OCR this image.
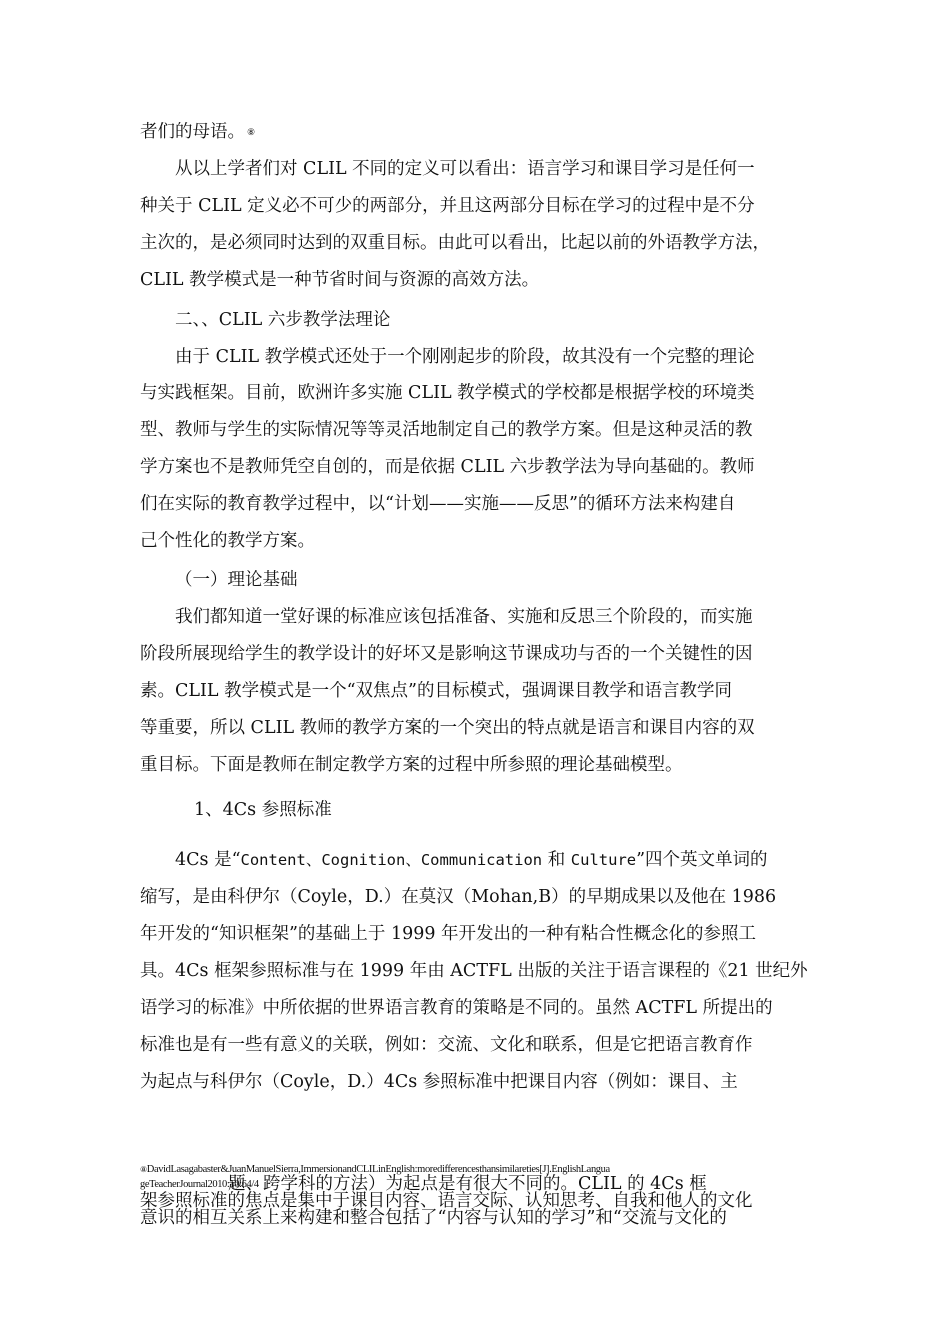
者们的母语。 ⑧
从以上学者们对 CLIL 不同的定义可以看出：语言学习和课目学习是任何一
种关于 CLIL 定义必不可少的两部分，并且这两部分目标在学习的过程中是不分
主次的，是必须同时达到的双重目标。由此可以看出，比起以前的外语教学方法，
CLIL 教学模式是一种节省时间与资源的高效方法。
二、、CLIL 六步教学法理论
由于 CLIL 教学模式还处于一个刚刚起步的阶段，故其没有一个完整的理论
与实践框架。目前，欧洲许多实施 CLIL 教学模式的学校都是根据学校的环境类
型、教师与学生的实际情况等等灵活地制定自己的教学方案。但是这种灵活的教
学方案也不是教师凭空自创的，而是依据 CLIL 六步教学法为导向基础的。教师
们在实际的教育教学过程中，以“计划——实施——反思”的循环方法来构建自
己个性化的教学方案。
（一）理论基础
我们都知道一堂好课的标准应该包括准备、实施和反思三个阶段的，而实施
阶段所展现给学生的教学设计的好坏又是影响这节课成功与否的一个关键性的因
素。CLIL 教学模式是一个“双焦点”的目标模式，强调课目教学和语言教学同
等重要，所以 CLIL 教师的教学方案的一个突出的特点就是语言和课目内容的双
重目标。下面是教师在制定教学方案的过程中所参照的理论基础模型。
1、4Cs 参照标准
4Cs 是“Content、Cognition、Communication 和 Culture”四个英文单词的
缩写，是由科伊尔（Coyle，D.）在莫汉（Mohan,B）的早期成果以及他在 1986
年开发的“知识框架”的基础上于 1999 年开发出的一种有粘合性概念化的参照工
具。4Cs 框架参照标准与在 1999 年由 ACTFL 出版的关注于语言课程的《21 世纪外
语学习的标准》中所依据的世界语言教育的策略是不同的。虽然 ACTFL 所提出的
标准也是有一些有意义的关联，例如：交流、文化和联系，但是它把语言教育作
为起点与科伊尔（Coyle，D.）4Cs 参照标准中把课目内容（例如：课目、主
⑧DavidLasagabaster&JuanManuelSierra,ImmersionandCLILinEnglish:moredifferencesthansimilareties[J].EnglishLangua
geTeacherJournal2010:10:64/4
题、跨学科的方法）为起点是有很大不同的。CLIL 的 4Cs 框
架参照标准的焦点是集中于课目内容、语言交际、认知思考、自我和他人的文化
意识的相互关系上来构建和整合包括了“内容与认知的学习”和“交流与文化的
